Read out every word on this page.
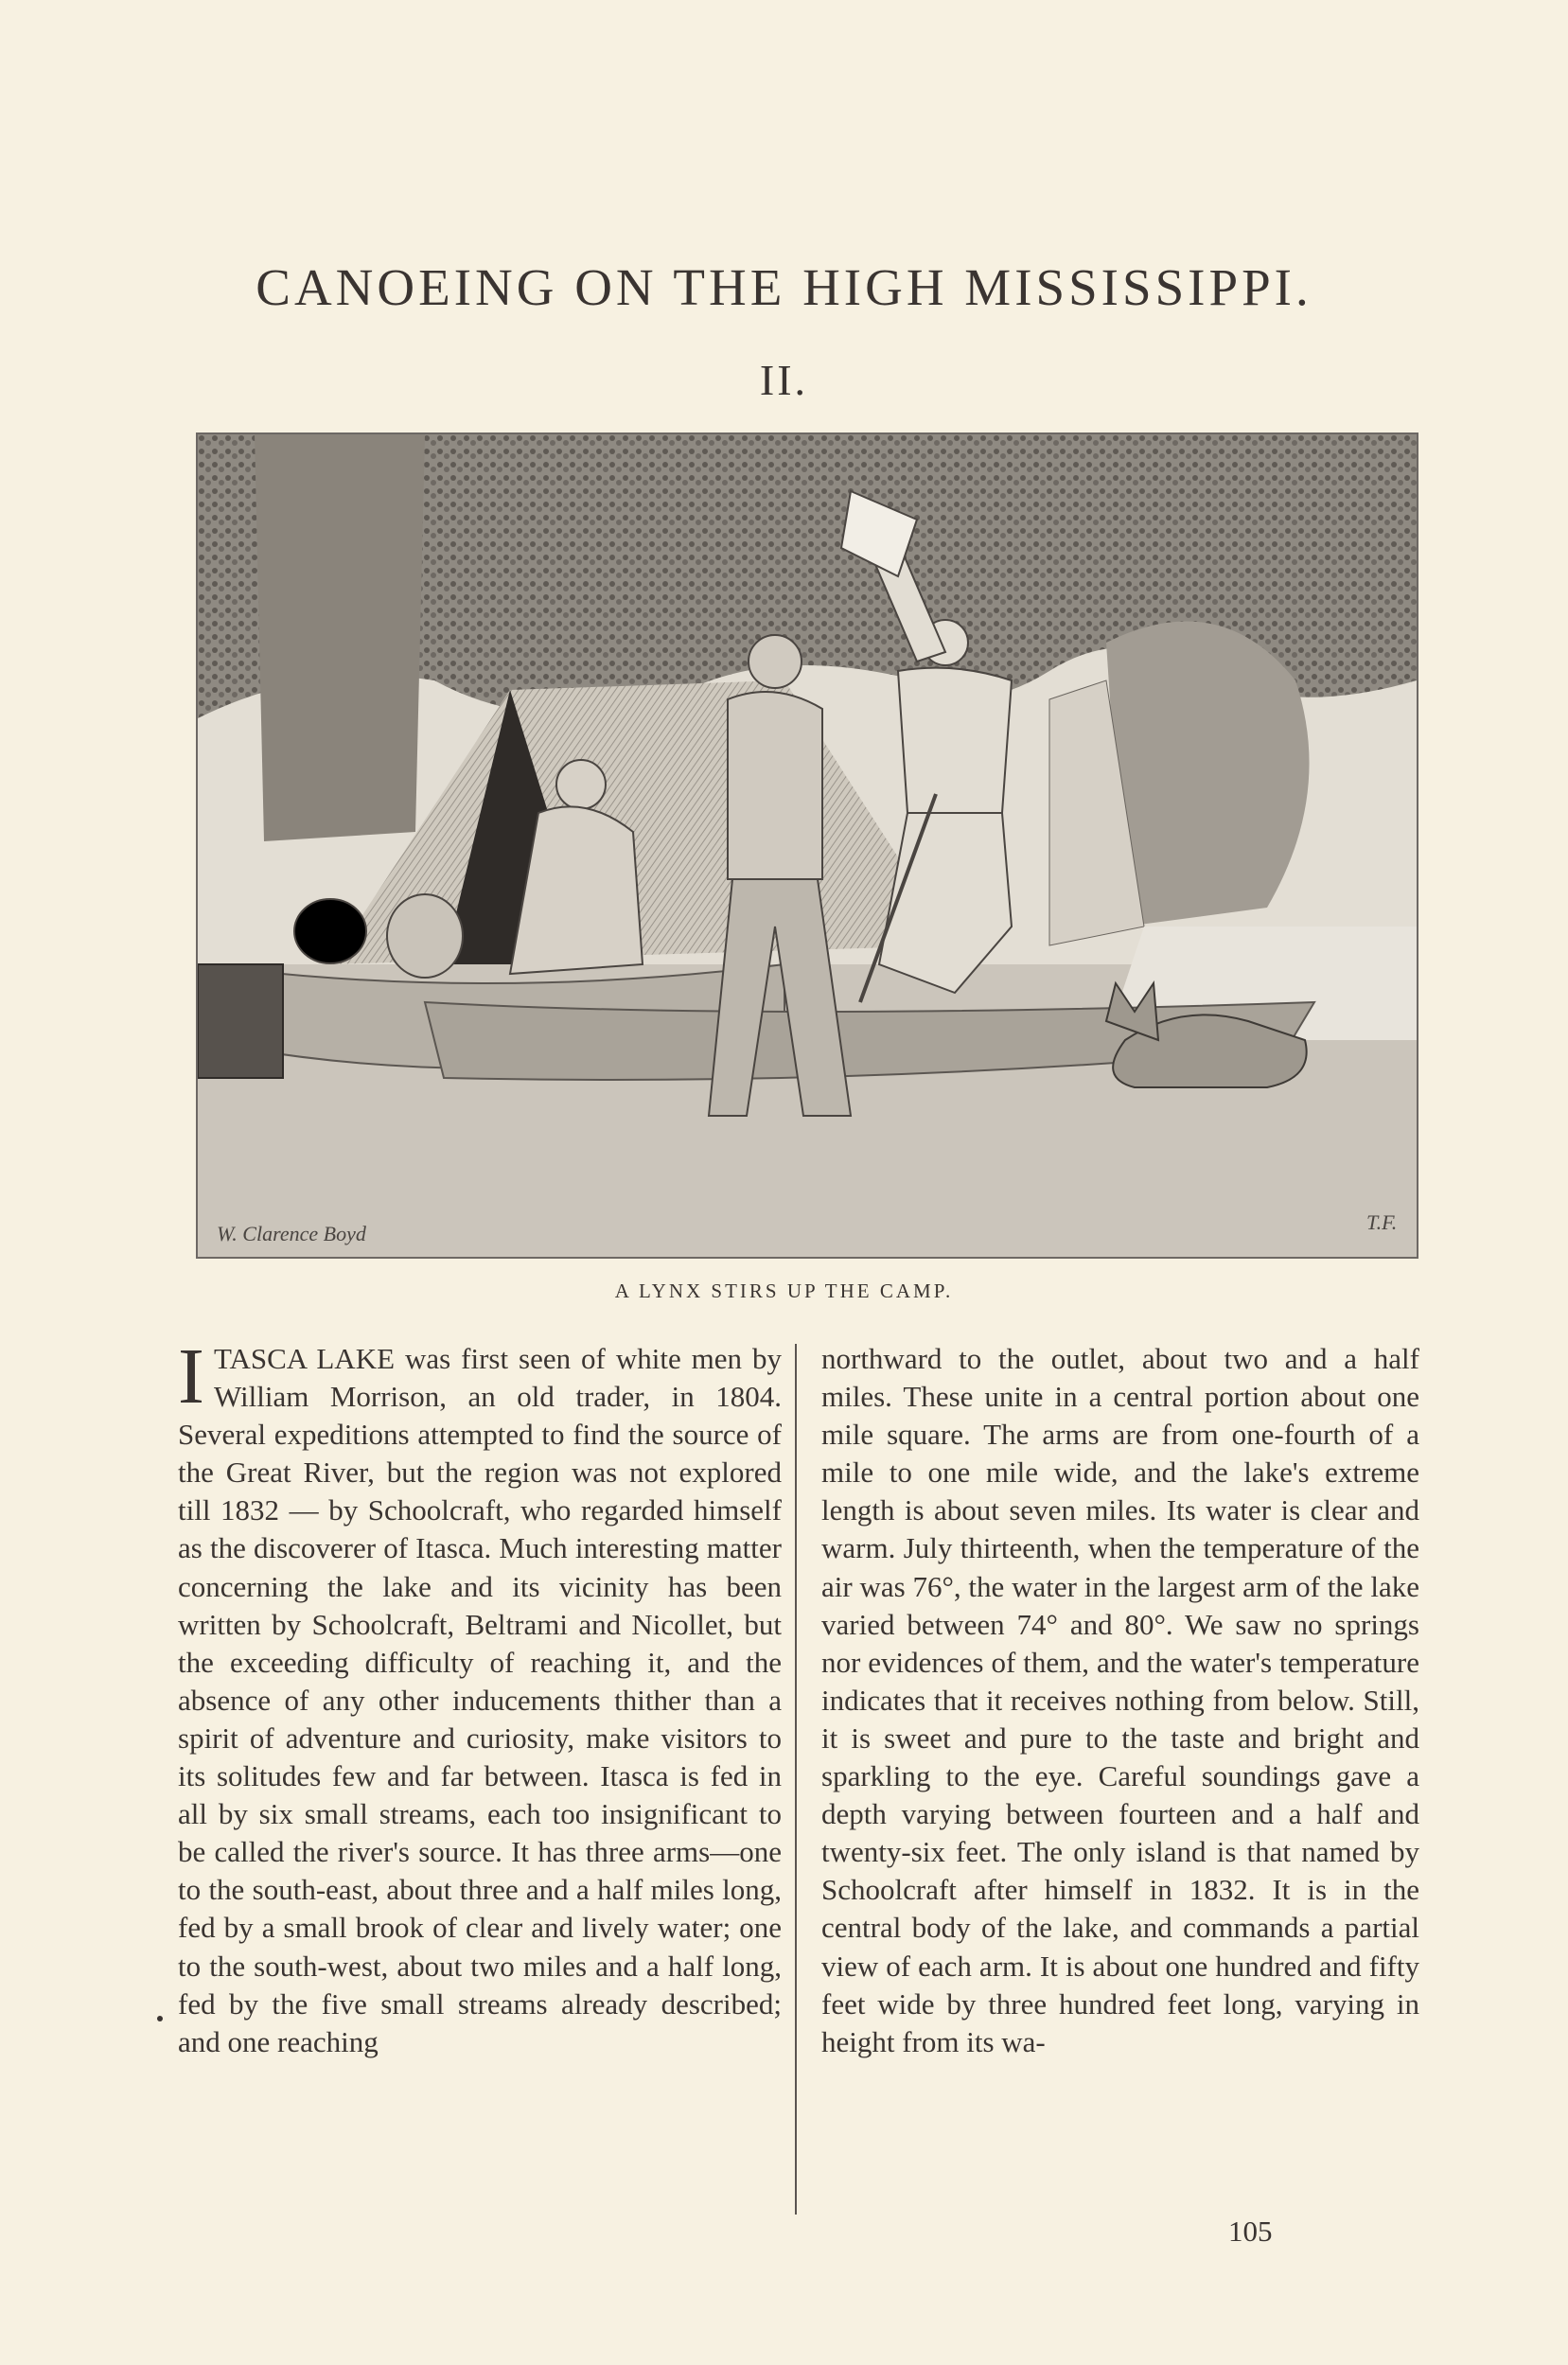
CANOEING ON THE HIGH MISSISSIPPI.
II.
W. Clarence Boyd	T.F.
A LYNX STIRS UP THE CAMP.
I TASCA LAKE was first seen of white men by William Morrison, an old trader, in 1804. Several expeditions attempted to find the source of the Great River, but the region was not explored till 1832 — by Schoolcraft, who regarded himself as the discoverer of Itasca. Much interesting matter concerning the lake and its vicinity has been written by Schoolcraft, Beltrami and Nicollet, but the exceeding difficulty of reaching it, and the absence of any other inducements thither than a spirit of adventure and curiosity, make visitors to its solitudes few and far between. Itasca is fed in all by six small streams, each too insignificant to be called the river's source. It has three arms—one to the south-east, about three and a half miles long, fed by a small brook of clear and lively water; one to the south-west, about two miles and a half long, fed by the five small streams already described; and one reaching

northward to the outlet, about two and a half miles. These unite in a central portion about one mile square. The arms are from one-fourth of a mile to one mile wide, and the lake's extreme length is about seven miles. Its water is clear and warm. July thirteenth, when the temperature of the air was 76°, the water in the largest arm of the lake varied between 74° and 80°. We saw no springs nor evidences of them, and the water's temperature indicates that it receives nothing from below. Still, it is sweet and pure to the taste and bright and sparkling to the eye. Careful soundings gave a depth varying between fourteen and a half and twenty-six feet. The only island is that named by Schoolcraft after himself in 1832. It is in the central body of the lake, and commands a partial view of each arm. It is about one hundred and fifty feet wide by three hundred feet long, varying in height from its wa-

105
